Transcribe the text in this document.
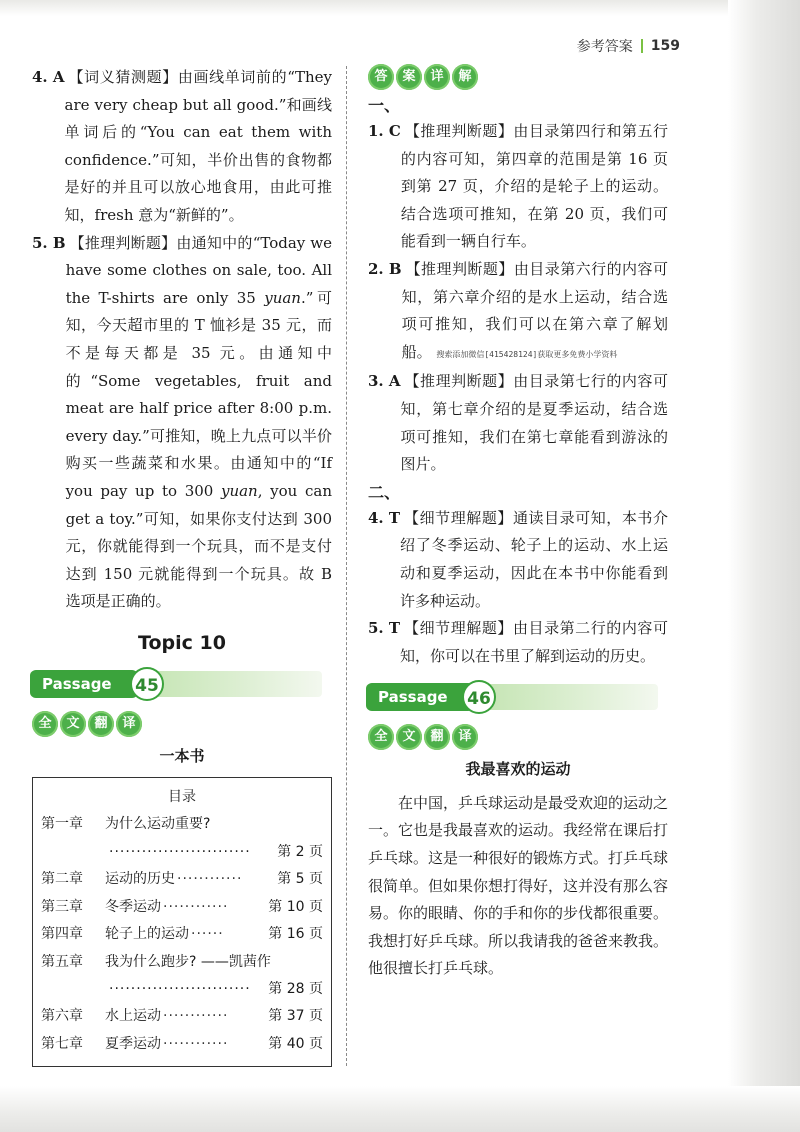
参考答案 159
4. A 【词义猜测题】由画线单词前的“They are very cheap but all good.”和画线单词后的“You can eat them with confidence.”可知，半价出售的食物都是好的并且可以放心地食用，由此可推知，fresh 意为“新鲜的”。
5. B 【推理判断题】由通知中的“Today we have some clothes on sale, too. All the T-shirts are only 35 yuan.”可知，今天超市里的 T 恤衫是 35 元，而不是每天都是 35 元。由通知中的“Some vegetables, fruit and meat are half price after 8:00 p.m. every day.”可推知，晚上九点可以半价购买一些蔬菜和水果。由通知中的“If you pay up to 300 yuan, you can get a toy.”可知，如果你支付达到 300 元，你就能得到一个玩具，而不是支付达到 150 元就能得到一个玩具。故 B 选项是正确的。
Topic 10
Passage	45
全	文	翻	译
一本书
目录
第一章	为什么运动重要?
··························	第 2 页
第二章	运动的历史 ············	第 5 页
第三章	冬季运动 ············	第 10 页
第四章	轮子上的运动 ······	第 16 页
第五章	我为什么跑步? ——凯茜作
··························	第 28 页
第六章	水上运动 ············	第 37 页
第七章	夏季运动 ············	第 40 页
答	案	详	解
一、
1. C 【推理判断题】由目录第四行和第五行的内容可知，第四章的范围是第 16 页到第 27 页，介绍的是轮子上的运动。结合选项可推知，在第 20 页，我们可能看到一辆自行车。
2. B 【推理判断题】由目录第六行的内容可知，第六章介绍的是水上运动，结合选项可推知，我们可以在第六章了解划船。 搜索添加微信[415428124]获取更多免费小学资料
3. A 【推理判断题】由目录第七行的内容可知，第七章介绍的是夏季运动，结合选项可推知，我们在第七章能看到游泳的图片。
二、
4. T 【细节理解题】通读目录可知，本书介绍了冬季运动、轮子上的运动、水上运动和夏季运动，因此在本书中你能看到许多种运动。
5. T 【细节理解题】由目录第二行的内容可知，你可以在书里了解到运动的历史。
Passage	46
全	文	翻	译
我最喜欢的运动

在中国，乒乓球运动是最受欢迎的运动之一。它也是我最喜欢的运动。我经常在课后打乒乓球。这是一种很好的锻炼方式。打乒乓球很简单。但如果你想打得好，这并没有那么容易。你的眼睛、你的手和你的步伐都很重要。我想打好乒乓球。所以我请我的爸爸来教我。他很擅长打乒乓球。
